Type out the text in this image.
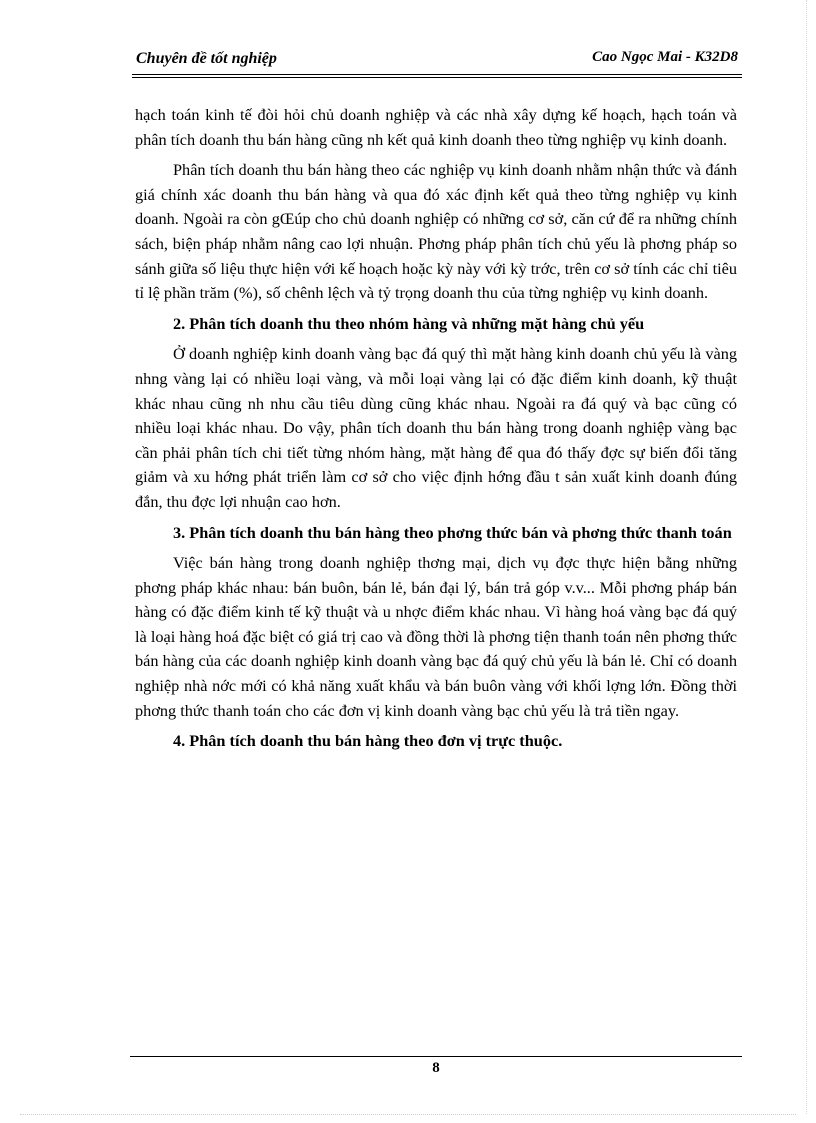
Chuyên đề tốt nghiệp	Cao Ngọc Mai - K32D8

hạch toán kinh tế đòi hỏi chủ doanh nghiệp và các nhà xây dựng kế hoạch, hạch toán và phân tích doanh thu bán hàng cũng nh kết quả kinh doanh theo từng nghiệp vụ kinh doanh.

Phân tích doanh thu bán hàng theo các nghiệp vụ kinh doanh nhằm nhận thức và đánh giá chính xác doanh thu bán hàng và qua đó xác định kết quả theo từng nghiệp vụ kinh doanh. Ngoài ra còn gŒúp cho chủ doanh nghiệp có những cơ sở, căn cứ để ra những chính sách, biện pháp nhằm nâng cao lợi nhuận. Phơng pháp phân tích chủ yếu là phơng pháp so sánh giữa số liệu thực hiện với kế hoạch hoặc kỳ này với kỳ trớc, trên cơ sở tính các chỉ tiêu tỉ lệ phần trăm (%), số chênh lệch và tỷ trọng doanh thu của từng nghiệp vụ kinh doanh.

2. Phân tích doanh thu theo nhóm hàng và những mặt hàng chủ yếu

Ở doanh nghiệp kinh doanh vàng bạc đá quý thì mặt hàng kinh doanh chủ yếu là vàng nhng vàng lại có nhiều loại vàng, và mỗi loại vàng lại có đặc điểm kinh doanh, kỹ thuật khác nhau cũng nh nhu cầu tiêu dùng cũng khác nhau. Ngoài ra đá quý và bạc cũng có nhiều loại khác nhau. Do vậy, phân tích doanh thu bán hàng trong doanh nghiệp vàng bạc cần phải phân tích chi tiết từng nhóm hàng, mặt hàng để qua đó thấy đợc sự biến đổi tăng giảm và xu hớng phát triển làm cơ sở cho việc định hớng đầu t sản xuất kinh doanh đúng đắn, thu đợc lợi nhuận cao hơn.

3. Phân tích doanh thu bán hàng theo phơng thức bán và phơng thức thanh toán

Việc bán hàng trong doanh nghiệp thơng mại, dịch vụ đợc thực hiện bằng những phơng pháp khác nhau: bán buôn, bán lẻ, bán đại lý, bán trả góp v.v... Mỗi phơng pháp bán hàng có đặc điểm kinh tế kỹ thuật và u nhợc điểm khác nhau. Vì hàng hoá vàng bạc đá quý là loại hàng hoá đặc biệt có giá trị cao và đồng thời là phơng tiện thanh toán nên phơng thức bán hàng của các doanh nghiệp kinh doanh vàng bạc đá quý chủ yếu là bán lẻ. Chỉ có doanh nghiệp nhà nớc mới có khả năng xuất khẩu và bán buôn vàng với khối lợng lớn. Đồng thời phơng thức thanh toán cho các đơn vị kinh doanh vàng bạc chủ yếu là trả tiền ngay.

4. Phân tích doanh thu bán hàng theo đơn vị trực thuộc.

8
